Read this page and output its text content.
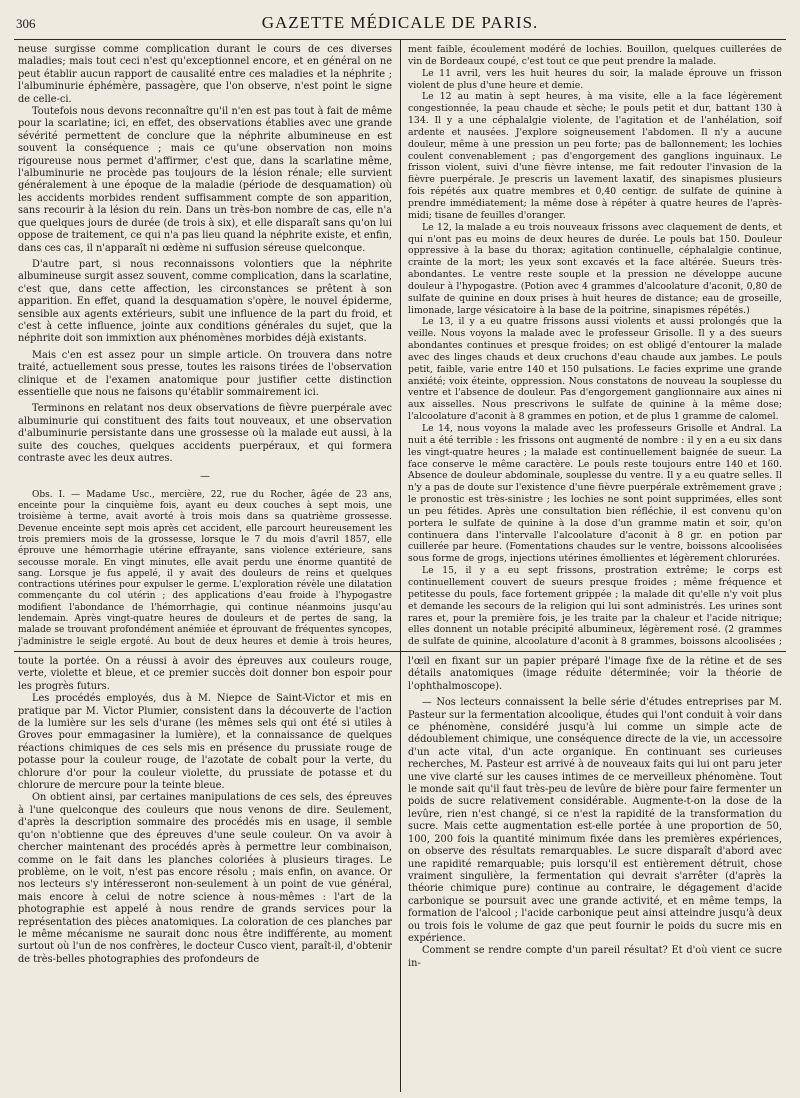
306	GAZETTE MÉDICALE DE PARIS.

neuse surgisse comme complication durant le cours de ces diverses maladies; mais tout ceci n'est qu'exceptionnel encore, et en général on ne peut établir aucun rapport de causalité entre ces maladies et la néphrite ; l'albuminurie éphémère, passagère, que l'on observe, n'est point le signe de celle-ci.

Toutefois nous devons reconnaître qu'il n'en est pas tout à fait de même pour la scarlatine; ici, en effet, des observations établies avec une grande sévérité permettent de conclure que la néphrite albumineuse en est souvent la conséquence ; mais ce qu'une observation non moins rigoureuse nous permet d'affirmer, c'est que, dans la scarlatine même, l'albuminurie ne procède pas toujours de la lésion rénale; elle survient généralement à une époque de la maladie (période de desquamation) où les accidents morbides rendent suffisamment compte de son apparition, sans recourir à la lésion du rein. Dans un très-bon nombre de cas, elle n'a que quelques jours de durée (de trois à six), et elle disparaît sans qu'on lui oppose de traitement, ce qui n'a pas lieu quand la néphrite existe, et enfin, dans ces cas, il n'apparaît ni œdème ni suffusion séreuse quelconque.

D'autre part, si nous reconnaissons volontiers que la néphrite albumineuse surgit assez souvent, comme complication, dans la scarlatine, c'est que, dans cette affection, les circonstances se prêtent à son apparition. En effet, quand la desquamation s'opère, le nouvel épiderme, sensible aux agents extérieurs, subit une influence de la part du froid, et c'est à cette influence, jointe aux conditions générales du sujet, que la néphrite doit son immixtion aux phénomènes morbides déjà existants.

Mais c'en est assez pour un simple article. On trouvera dans notre traité, actuellement sous presse, toutes les raisons tirées de l'observation clinique et de l'examen anatomique pour justifier cette distinction essentielle que nous ne faisons qu'établir sommairement ici.

Terminons en relatant nos deux observations de fièvre puerpérale avec albuminurie qui constituent des faits tout nouveaux, et une observation d'albuminurie persistante dans une grossesse où la malade eut aussi, à la suite des couches, quelques accidents puerpéraux, et qui formera contraste avec les deux autres.

—

Obs. I. — Madame Usc., mercière, 22, rue du Rocher, âgée de 23 ans, enceinte pour la cinquième fois, ayant eu deux couches à sept mois, une troisième à terme, avait avorté à trois mois dans sa quatrième grossesse. Devenue enceinte sept mois après cet accident, elle parcourt heureusement les trois premiers mois de la grossesse, lorsque le 7 du mois d'avril 1857, elle éprouve une hémorrhagie utérine effrayante, sans violence extérieure, sans secousse morale. En vingt minutes, elle avait perdu une énorme quantité de sang. Lorsque je fus appelé, il y avait des douleurs de reins et quelques contractions utérines pour expulser le germe. L'exploration révèle une dilatation commençante du col utérin ; des applications d'eau froide à l'hypogastre modifient l'abondance de l'hémorrhagie, qui continue néanmoins jusqu'au lendemain. Après vingt-quatre heures de douleurs et de pertes de sang, la malade se trouvant profondément anémiée et éprouvant de fréquentes syncopes, j'administre le seigle ergoté. Au bout de deux heures et demie à trois heures,

ment faible, écoulement modéré de lochies. Bouillon, quelques cuillerées de vin de Bordeaux coupé, c'est tout ce que peut prendre la malade.

Le 11 avril, vers les huit heures du soir, la malade éprouve un frisson violent de plus d'une heure et demie.

Le 12 au matin à sept heures, à ma visite, elle a la face légèrement congestionnée, la peau chaude et sèche; le pouls petit et dur, battant 130 à 134. Il y a une céphalalgie violente, de l'agitation et de l'anhélation, soif ardente et nausées. J'explore soigneusement l'abdomen. Il n'y a aucune douleur, même à une pression un peu forte; pas de ballonnement; les lochies coulent convenablement ; pas d'engorgement des ganglions inguinaux. Le frisson violent, suivi d'une fièvre intense, me fait redouter l'invasion de la fièvre puerpérale. Je prescris un lavement laxatif, des sinapismes plusieurs fois répétés aux quatre membres et 0,40 centigr. de sulfate de quinine à prendre immédiatement; la même dose à répéter à quatre heures de l'après-midi; tisane de feuilles d'oranger.

Le 12, la malade a eu trois nouveaux frissons avec claquement de dents, et qui n'ont pas eu moins de deux heures de durée. Le pouls bat 150. Douleur oppressive à la base du thorax; agitation continuelle, céphalalgie continue, crainte de la mort; les yeux sont excavés et la face altérée. Sueurs très-abondantes. Le ventre reste souple et la pression ne développe aucune douleur à l'hypogastre. (Potion avec 4 grammes d'alcoolature d'aconit, 0,80 de sulfate de quinine en doux prises à huit heures de distance; eau de groseille, limonade, large vésicatoire à la base de la poitrine, sinapismes répétés.)

Le 13, il y a eu quatre frissons aussi violents et aussi prolongés que la veille. Nous voyons la malade avec le professeur Grisolle. Il y a des sueurs abondantes continues et presque froides; on est obligé d'entourer la malade avec des linges chauds et deux cruchons d'eau chaude aux jambes. Le pouls petit, faible, varie entre 140 et 150 pulsations. Le facies exprime une grande anxiété; voix éteinte, oppression. Nous constatons de nouveau la souplesse du ventre et l'absence de douleur. Pas d'engorgement ganglionnaire aux aines ni aux aisselles. Nous prescrivons le sulfate de quinine à la même dose; l'alcoolature d'aconit à 8 grammes en potion, et de plus 1 gramme de calomel.

Le 14, nous voyons la malade avec les professeurs Grisolle et Andral. La nuit a été terrible : les frissons ont augmenté de nombre : il y en a eu six dans les vingt-quatre heures ; la malade est continuellement baignée de sueur. La face conserve le même caractère. Le pouls reste toujours entre 140 et 160. Absence de douleur abdominale, souplesse du ventre. Il y a eu quatre selles. Il n'y a pas de doute sur l'existence d'une fièvre puerpérale extrêmement grave ; le pronostic est très-sinistre ; les lochies ne sont point supprimées, elles sont un peu fétides. Après une consultation bien réfléchie, il est convenu qu'on portera le sulfate de quinine à la dose d'un gramme matin et soir, qu'on continuera dans l'intervalle l'alcoolature d'aconit à 8 gr. en potion par cuillerée par heure. (Fomentations chaudes sur le ventre, boissons alcoolisées sous forme de grogs, injections utérines émollientes et légèrement chlorurées.

Le 15, il y a eu sept frissons, prostration extrême; le corps est continuellement couvert de sueurs presque froides ; même fréquence et petitesse du pouls, face fortement grippée ; la malade dit qu'elle n'y voit plus et demande les secours de la religion qui lui sont administrés. Les urines sont rares et, pour la première fois, je les traite par la chaleur et l'acide nitrique; elles donnent un notable précipité albumineux, légèrement rosé. (2 grammes de sulfate de quinine, alcoolature d'aconit à 8 grammes, boissons alcoolisées ;

toute la portée. On a réussi à avoir des épreuves aux couleurs rouge, verte, violette et bleue, et ce premier succès doit donner bon espoir pour les progrès futurs.

Les procédés employés, dus à M. Niepce de Saint-Victor et mis en pratique par M. Victor Plumier, consistent dans la découverte de l'action de la lumière sur les sels d'urane (les mêmes sels qui ont été si utiles à Groves pour emmagasiner la lumière), et la connaissance de quelques réactions chimiques de ces sels mis en présence du prussiate rouge de potasse pour la couleur rouge, de l'azotate de cobalt pour la verte, du chlorure d'or pour la couleur violette, du prussiate de potasse et du chlorure de mercure pour la teinte bleue.

On obtient ainsi, par certaines manipulations de ces sels, des épreuves à l'une quelconque des couleurs que nous venons de dire. Seulement, d'après la description sommaire des procédés mis en usage, il semble qu'on n'obtienne que des épreuves d'une seule couleur. On va avoir à chercher maintenant des procédés après à permettre leur combinaison, comme on le fait dans les planches coloriées à plusieurs tirages. Le problème, on le voit, n'est pas encore résolu ; mais enfin, on avance. Or nos lecteurs s'y intéresseront non-seulement à un point de vue général, mais encore à celui de notre science à nous-mêmes : l'art de la photographie est appelé à nous rendre de grands services pour la représentation des pièces anatomiques. La coloration de ces planches par le même mécanisme ne saurait donc nous être indifférente, au moment surtout où l'un de nos confrères, le docteur Cusco vient, paraît-il, d'obtenir de très-belles photographies des profondeurs de

l'œil en fixant sur un papier préparé l'image fixe de la rétine et de ses détails anatomiques (image réduite déterminée; voir la théorie de l'ophthalmoscope).

— Nos lecteurs connaissent la belle série d'études entreprises par M. Pasteur sur la fermentation alcoolique, études qui l'ont conduit à voir dans ce phénomène, considéré jusqu'à lui comme un simple acte de dédoublement chimique, une conséquence directe de la vie, un accessoire d'un acte vital, d'un acte organique. En continuant ses curieuses recherches, M. Pasteur est arrivé à de nouveaux faits qui lui ont paru jeter une vive clarté sur les causes intimes de ce merveilleux phénomène. Tout le monde sait qu'il faut très-peu de levûre de bière pour faire fermenter un poids de sucre relativement considérable. Augmente-t-on la dose de la levûre, rien n'est changé, si ce n'est la rapidité de la transformation du sucre. Mais cette augmentation est-elle portée à une proportion de 50, 100, 200 fois la quantité minimum fixée dans les premières expériences, on observe des résultats remarquables. Le sucre disparaît d'abord avec une rapidité remarquable; puis lorsqu'il est entièrement détruit, chose vraiment singulière, la fermentation qui devrait s'arrêter (d'après la théorie chimique pure) continue au contraire, le dégagement d'acide carbonique se poursuit avec une grande activité, et en même temps, la formation de l'alcool ; l'acide carbonique peut ainsi atteindre jusqu'à deux ou trois fois le volume de gaz que peut fournir le poids du sucre mis en expérience.

Comment se rendre compte d'un pareil résultat? Et d'où vient ce sucre in-
